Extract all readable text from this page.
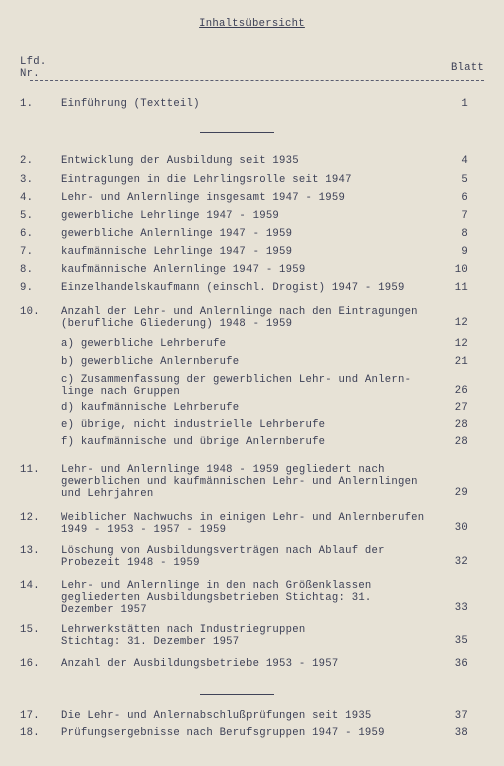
Inhaltsübersicht
Lfd.
Nr.	Blatt
1.	Einführung (Textteil)	1
2.	Entwicklung der Ausbildung seit 1935	4
3.	Eintragungen in die Lehrlingsrolle seit 1947	5
4.	Lehr- und Anlernlinge insgesamt 1947 - 1959	6
5.	gewerbliche Lehrlinge 1947 - 1959	7
6.	gewerbliche Anlernlinge 1947 - 1959	8
7.	kaufmännische Lehrlinge 1947 - 1959	9
8.	kaufmännische Anlernlinge 1947 - 1959	10
9.	Einzelhandelskaufmann (einschl. Drogist) 1947 - 1959	11
10. Anzahl der Lehr- und Anlernlinge nach den Eintragungen (berufliche Gliederung) 1948 - 1959	12
a) gewerbliche Lehrberufe	12
b) gewerbliche Anlernberufe	21
c) Zusammenfassung der gewerblichen Lehr- und Anlern- linge nach Gruppen	26
d) kaufmännische Lehrberufe	27
e) übrige, nicht industrielle Lehrberufe	28
f) kaufmännische und übrige Anlernberufe	28
11. Lehr- und Anlernlinge 1948 - 1959 gegliedert nach gewerblichen und kaufmännischen Lehr- und Anlernlingen und Lehrjahren	29
12. Weiblicher Nachwuchs in einigen Lehr- und Anlernberufen 1949 - 1953 - 1957 - 1959	30
13. Löschung von Ausbildungsverträgen nach Ablauf der Probezeit 1948 - 1959	32
14. Lehr- und Anlernlinge in den nach Größenklassen gegliederten Ausbildungsbetrieben Stichtag: 31. Dezember 1957	33
15. Lehrwerkstätten nach Industriegruppen Stichtag: 31. Dezember 1957	35
16. Anzahl der Ausbildungsbetriebe 1953 - 1957	36
17. Die Lehr- und Anlernabschlußprüfungen seit 1935	37
18. Prüfungsergebnisse nach Berufsgruppen 1947 - 1959	38
